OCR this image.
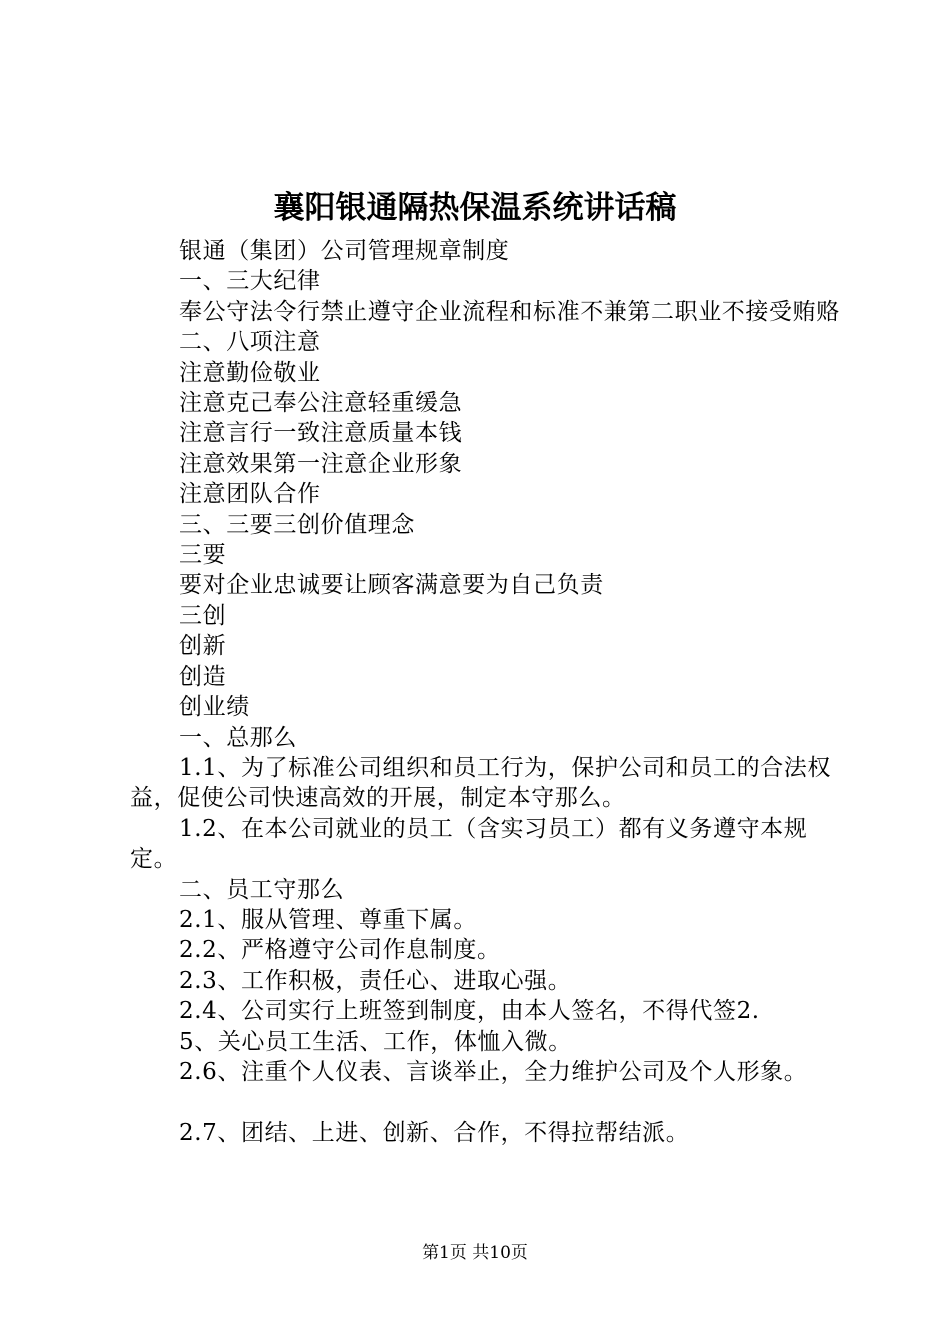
襄阳银通隔热保温系统讲话稿

银通（集团）公司管理规章制度

一、三大纪律

奉公守法令行禁止遵守企业流程和标准不兼第二职业不接受贿赂

二、八项注意

注意勤俭敬业

注意克己奉公注意轻重缓急

注意言行一致注意质量本钱

注意效果第一注意企业形象

注意团队合作

三、三要三创价值理念

三要

要对企业忠诚要让顾客满意要为自己负责

三创

创新

创造

创业绩

一、总那么

1.1、为了标准公司组织和员工行为，保护公司和员工的合法权益，促使公司快速高效的开展，制定本守那么。

1.2、在本公司就业的员工（含实习员工）都有义务遵守本规定。

二、员工守那么

2.1、服从管理、尊重下属。

2.2、严格遵守公司作息制度。

2.3、工作积极，责任心、进取心强。

2.4、公司实行上班签到制度，由本人签名，不得代签2.

5、关心员工生活、工作，体恤入微。

2.6、注重个人仪表、言谈举止，全力维护公司及个人形象。

2.7、团结、上进、创新、合作，不得拉帮结派。

第1页 共10页
